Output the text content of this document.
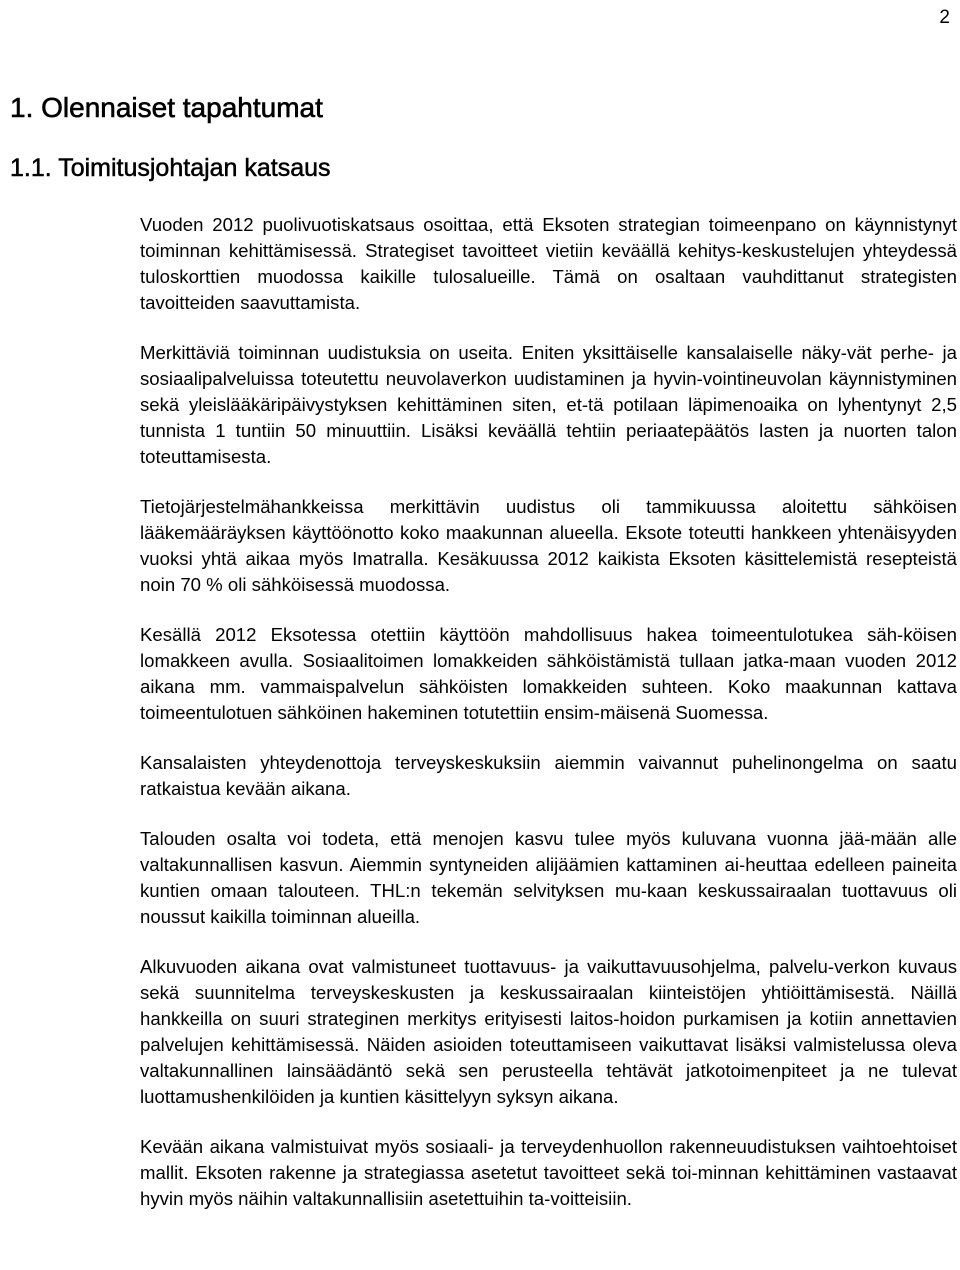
2
1. Olennaiset tapahtumat
1.1. Toimitusjohtajan katsaus

Vuoden 2012 puolivuotiskatsaus osoittaa, että Eksoten strategian toimeenpano on käynnistynyt toiminnan kehittämisessä. Strategiset tavoitteet vietiin keväällä kehitys-keskustelujen yhteydessä tuloskorttien muodossa kaikille tulosalueille. Tämä on osaltaan vauhdittanut strategisten tavoitteiden saavuttamista.

Merkittäviä toiminnan uudistuksia on useita. Eniten yksittäiselle kansalaiselle näky-vät perhe- ja sosiaalipalveluissa toteutettu neuvolaverkon uudistaminen ja hyvin-vointineuvolan käynnistyminen sekä yleislääkäripäivystyksen kehittäminen siten, et-tä potilaan läpimenoaika on lyhentynyt 2,5 tunnista 1 tuntiin 50 minuuttiin. Lisäksi keväällä tehtiin periaatepäätös lasten ja nuorten talon toteuttamisesta.

Tietojärjestelmähankkeissa merkittävin uudistus oli tammikuussa aloitettu sähköisen lääkemääräyksen käyttöönotto koko maakunnan alueella. Eksote toteutti hankkeen yhtenäisyyden vuoksi yhtä aikaa myös Imatralla. Kesäkuussa 2012 kaikista Eksoten käsittelemistä resepteistä noin 70 % oli sähköisessä muodossa.

Kesällä 2012 Eksotessa otettiin käyttöön mahdollisuus hakea toimeentulotukea säh-köisen lomakkeen avulla. Sosiaalitoimen lomakkeiden sähköistämistä tullaan jatka-maan vuoden 2012 aikana mm. vammaispalvelun sähköisten lomakkeiden suhteen. Koko maakunnan kattava toimeentulotuen sähköinen hakeminen totutettiin ensim-mäisenä Suomessa.

Kansalaisten yhteydenottoja terveyskeskuksiin aiemmin vaivannut puhelinongelma on saatu ratkaistua kevään aikana.

Talouden osalta voi todeta, että menojen kasvu tulee myös kuluvana vuonna jää-mään alle valtakunnallisen kasvun. Aiemmin syntyneiden alijäämien kattaminen ai-heuttaa edelleen paineita kuntien omaan talouteen. THL:n tekemän selvityksen mu-kaan keskussairaalan tuottavuus oli noussut kaikilla toiminnan alueilla.

Alkuvuoden aikana ovat valmistuneet tuottavuus- ja vaikuttavuusohjelma, palvelu-verkon kuvaus sekä suunnitelma terveyskeskusten ja keskussairaalan kiinteistöjen yhtiöittämisestä. Näillä hankkeilla on suuri strateginen merkitys erityisesti laitos-hoidon purkamisen ja kotiin annettavien palvelujen kehittämisessä. Näiden asioiden toteuttamiseen vaikuttavat lisäksi valmistelussa oleva valtakunnallinen lainsäädäntö sekä sen perusteella tehtävät jatkotoimenpiteet ja ne tulevat luottamushenkilöiden ja kuntien käsittelyyn syksyn aikana.

Kevään aikana valmistuivat myös sosiaali- ja terveydenhuollon rakenneuudistuksen vaihtoehtoiset mallit. Eksoten rakenne ja strategiassa asetetut tavoitteet sekä toi-minnan kehittäminen vastaavat hyvin myös näihin valtakunnallisiin asetettuihin ta-voitteisiin.
